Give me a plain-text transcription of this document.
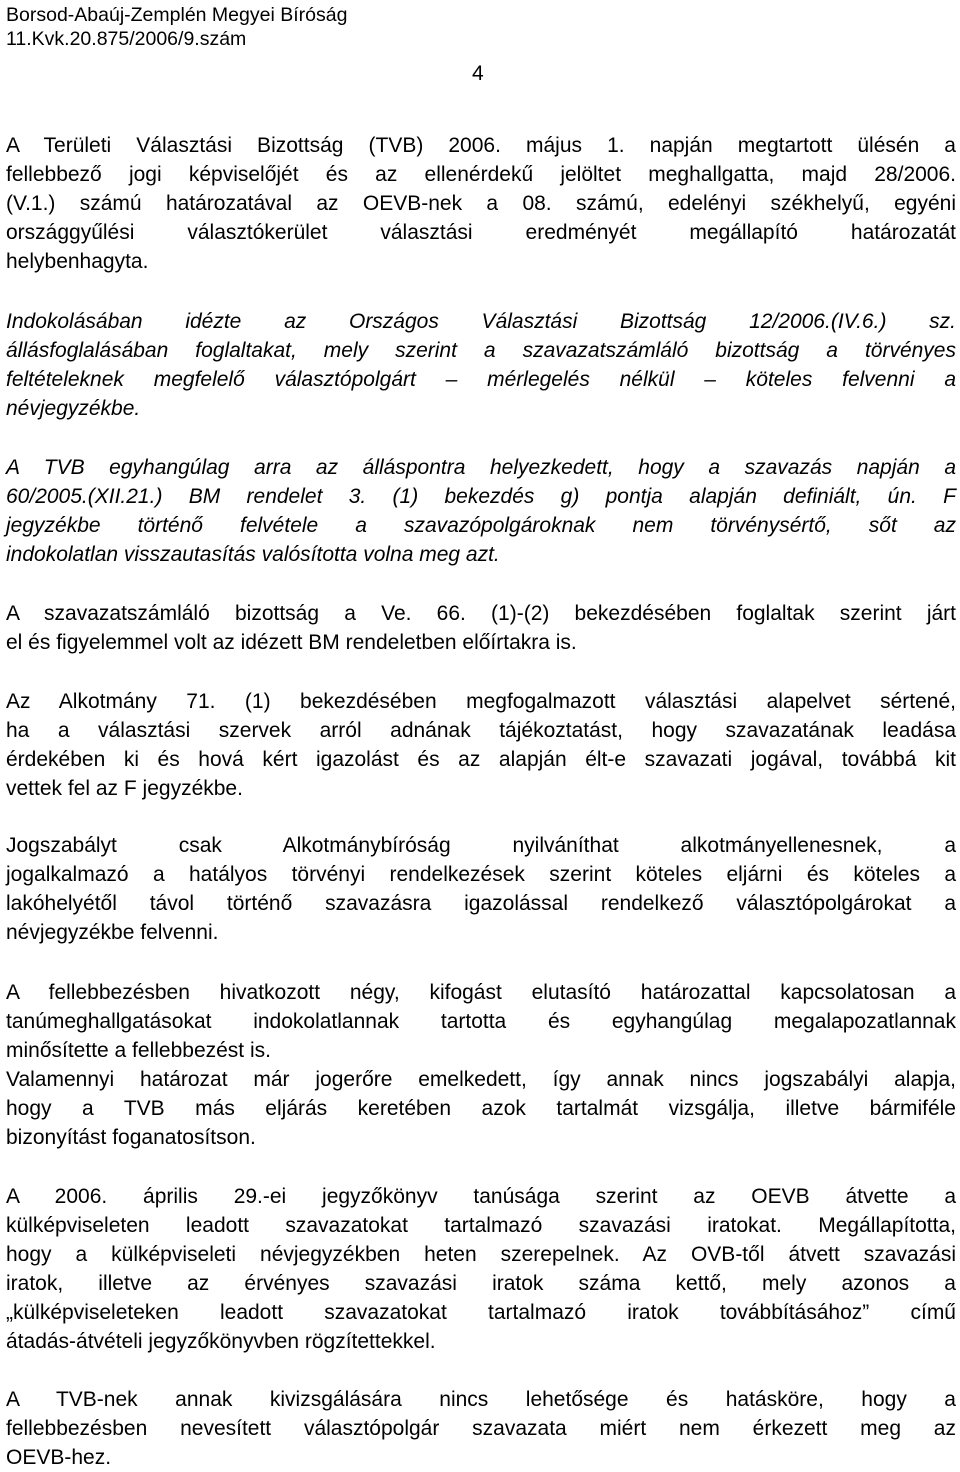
Borsod-Abaúj-Zemplén Megyei Bíróság
11.Kvk.20.875/2006/9.szám
4
A Területi Választási Bizottság (TVB) 2006. május 1. napján megtartott ülésén a
fellebbező jogi képviselőjét és az ellenérdekű jelöltet meghallgatta, majd 28/2006.
(V.1.) számú határozatával az OEVB-nek a 08. számú, edelényi székhelyű, egyéni
országgyűlési választókerület választási eredményét megállapító határozatát
helybenhagyta.
Indokolásában idézte az Országos Választási Bizottság 12/2006.(IV.6.) sz.
állásfoglalásában foglaltakat, mely szerint a szavazatszámláló bizottság a törvényes
feltételeknek megfelelő választópolgárt – mérlegelés nélkül – köteles felvenni a
névjegyzékbe.
A TVB egyhangúlag arra az álláspontra helyezkedett, hogy a szavazás napján a
60/2005.(XII.21.) BM rendelet 3. (1) bekezdés g) pontja alapján definiált, ún. F
jegyzékbe történő felvétele a szavazópolgároknak nem törvénysértő, sőt az
indokolatlan visszautasítás valósította volna meg azt.
A szavazatszámláló bizottság a Ve. 66. (1)-(2) bekezdésében foglaltak szerint járt
el és figyelemmel volt az idézett BM rendeletben előírtakra is.
Az Alkotmány 71. (1) bekezdésében megfogalmazott választási alapelvet sértené,
ha a választási szervek arról adnának tájékoztatást, hogy szavazatának leadása
érdekében ki és hová kért igazolást és az alapján élt-e szavazati jogával, továbbá kit
vettek fel az F jegyzékbe.
Jogszabályt csak Alkotmánybíróság nyilváníthat alkotmányellenesnek, a
jogalkalmazó a hatályos törvényi rendelkezések szerint köteles eljárni és köteles a
lakóhelyétől távol történő szavazásra igazolással rendelkező választópolgárokat a
névjegyzékbe felvenni.
A fellebbezésben hivatkozott négy, kifogást elutasító határozattal kapcsolatosan a
tanúmeghallgatásokat indokolatlannak tartotta és egyhangúlag megalapozatlannak
minősítette a fellebbezést is.
Valamennyi határozat már jogerőre emelkedett, így annak nincs jogszabályi alapja,
hogy a TVB más eljárás keretében azok tartalmát vizsgálja, illetve bármiféle
bizonyítást foganatosítson.
A 2006. április 29.-ei jegyzőkönyv tanúsága szerint az OEVB átvette a
külképviseleten leadott szavazatokat tartalmazó szavazási iratokat. Megállapította,
hogy a külképviseleti névjegyzékben heten szerepelnek. Az OVB-től átvett szavazási
iratok, illetve az érvényes szavazási iratok száma kettő, mely azonos a
„külképviseleteken leadott szavazatokat tartalmazó iratok továbbításához” című
átadás-átvételi jegyzőkönyvben rögzítettekkel.
A TVB-nek annak kivizsgálására nincs lehetősége és hatásköre, hogy a
fellebbezésben nevesített választópolgár szavazata miért nem érkezett meg az
OEVB-hez.
